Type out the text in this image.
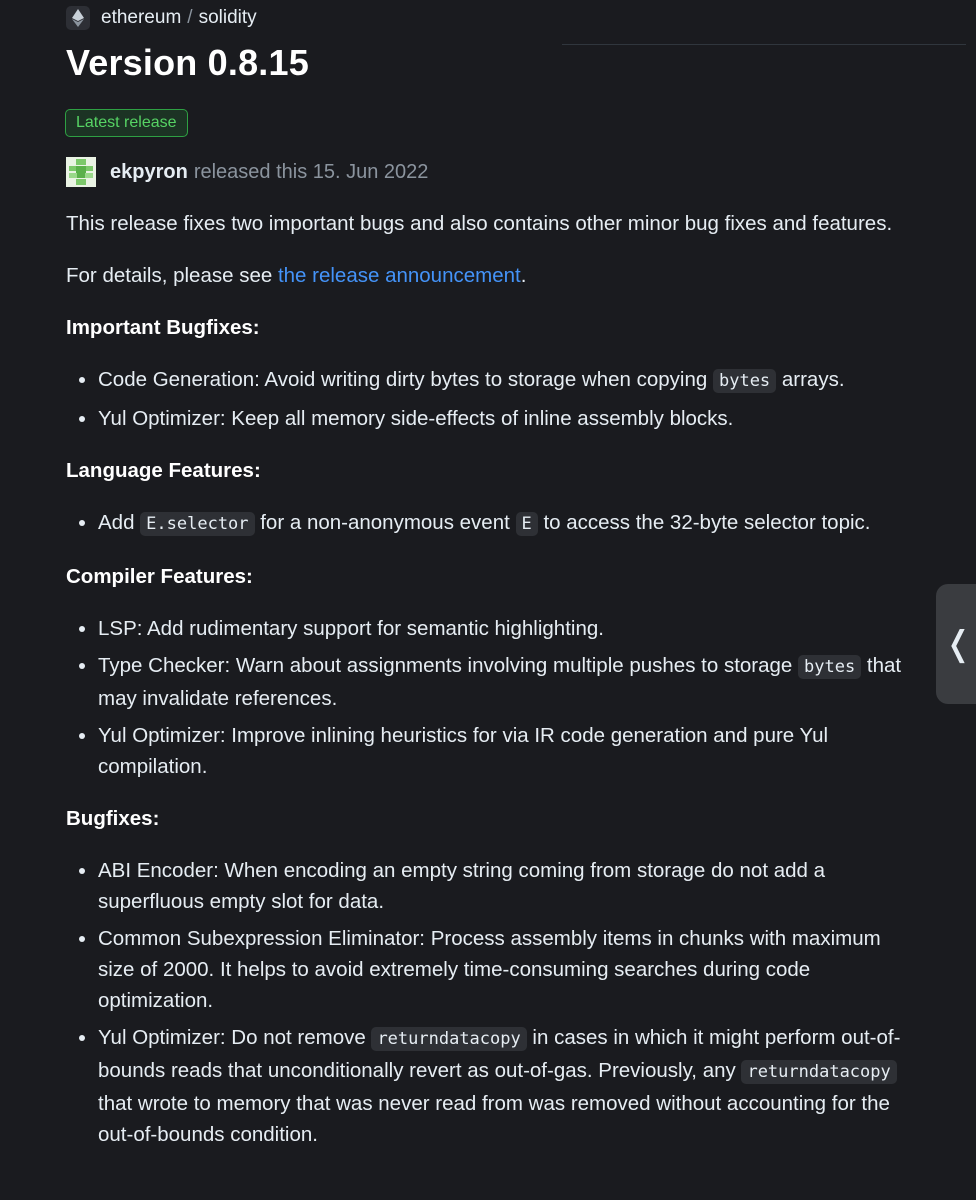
ethereum / solidity
Version 0.8.15
Latest release
ekpyron released this 15. Jun 2022

This release fixes two important bugs and also contains other minor bug fixes and features.

For details, please see the release announcement.

Important Bugfixes:
• Code Generation: Avoid writing dirty bytes to storage when copying bytes arrays.
• Yul Optimizer: Keep all memory side-effects of inline assembly blocks.
Language Features:
• Add E.selector for a non-anonymous event E to access the 32-byte selector topic.
Compiler Features:
• LSP: Add rudimentary support for semantic highlighting.
• Type Checker: Warn about assignments involving multiple pushes to storage bytes that may invalidate references.
• Yul Optimizer: Improve inlining heuristics for via IR code generation and pure Yul compilation.
Bugfixes:
• ABI Encoder: When encoding an empty string coming from storage do not add a superfluous empty slot for data.
• Common Subexpression Eliminator: Process assembly items in chunks with maximum size of 2000. It helps to avoid extremely time-consuming searches during code optimization.
• Yul Optimizer: Do not remove returndatacopy in cases in which it might perform out-of-bounds reads that unconditionally revert as out-of-gas. Previously, any returndatacopy that wrote to memory that was never read from was removed without accounting for the out-of-bounds condition.
❬
